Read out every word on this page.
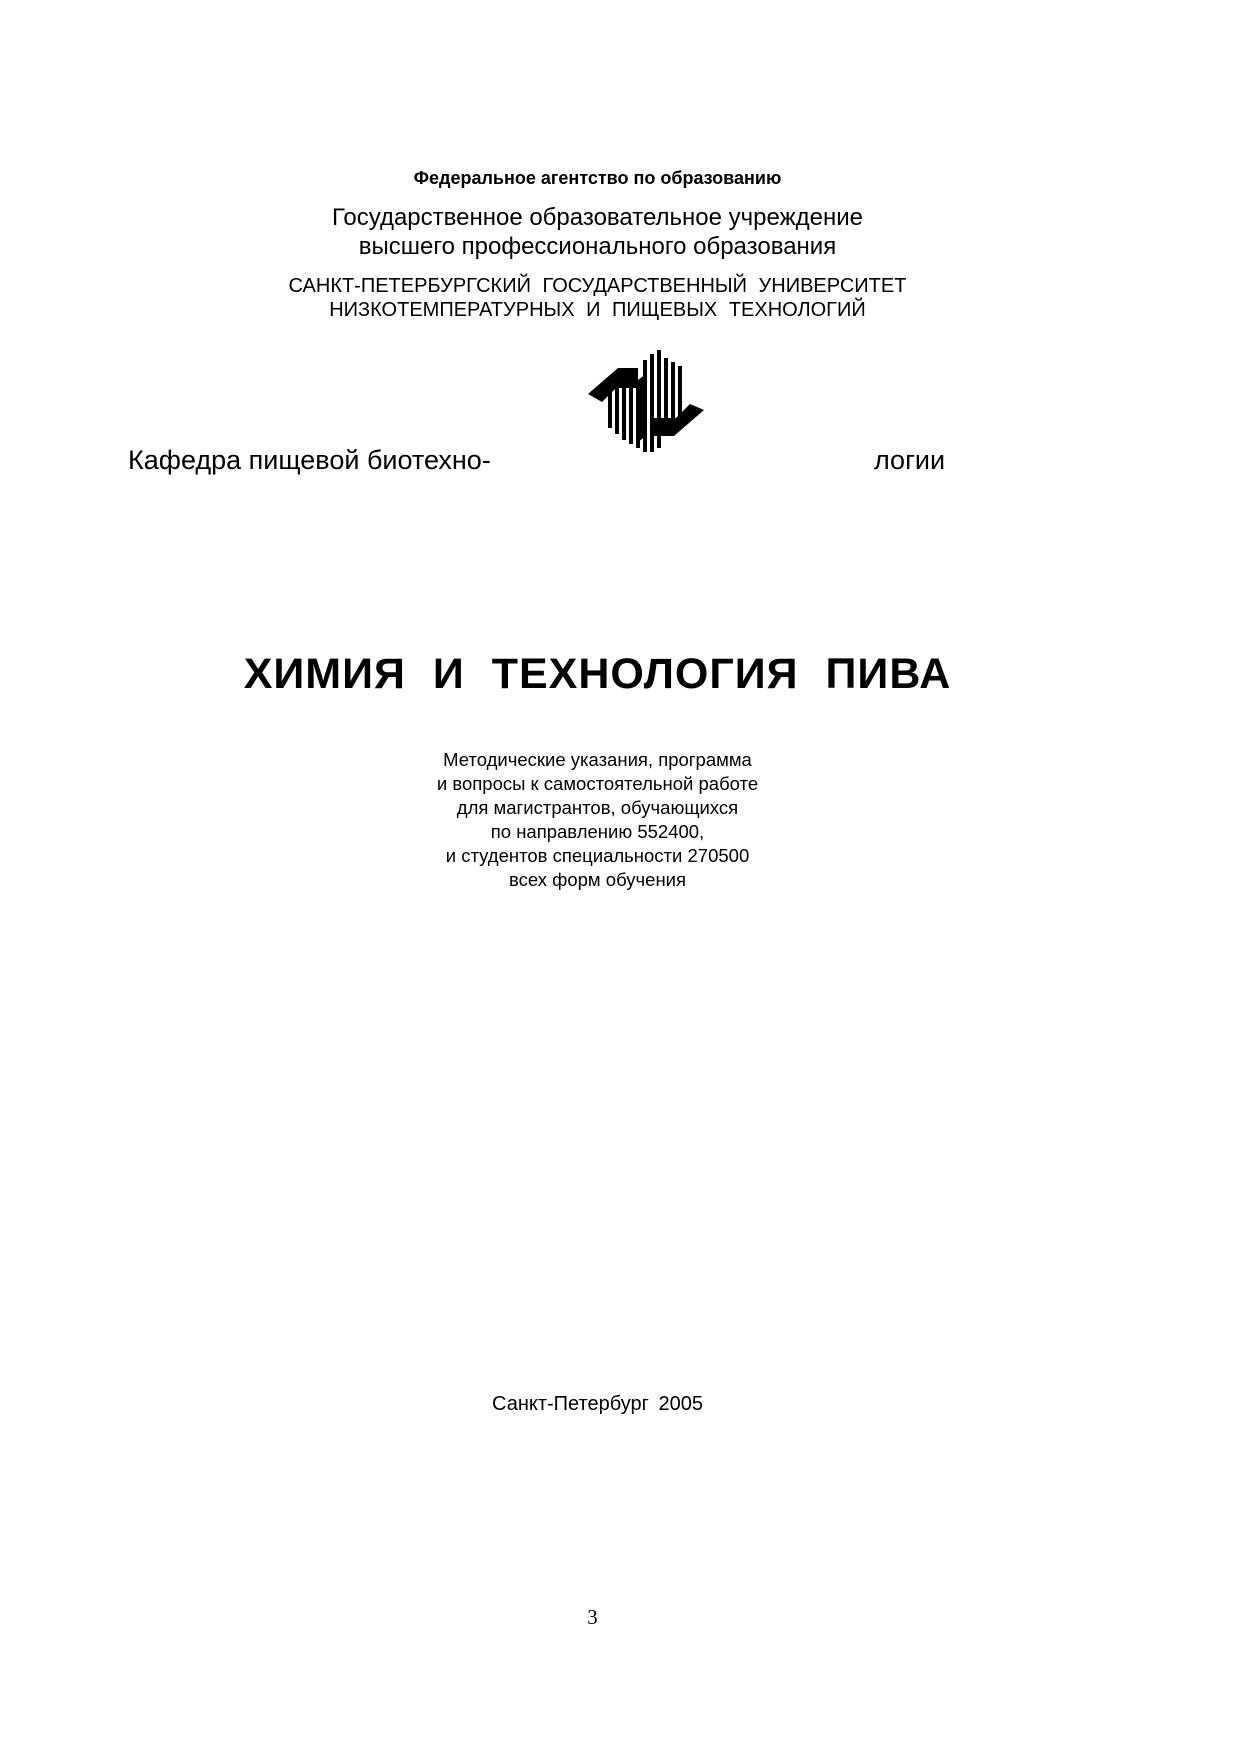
Федеральное агентство по образованию
Государственное образовательное учреждение
высшего профессионального образования
САНКТ-ПЕТЕРБУРГСКИЙ ГОСУДАРСТВЕННЫЙ УНИВЕРСИТЕТ
НИЗКОТЕМПЕРАТУРНЫХ И ПИЩЕВЫХ ТЕХНОЛОГИЙ
Кафедра пищевой биотехно-	логии
ХИМИЯ И ТЕХНОЛОГИЯ ПИВА
Методические указания, программа
и вопросы к самостоятельной работе
для магистрантов, обучающихся
по направлению 552400,
и студентов специальности 270500
всех форм обучения
Санкт-Петербург 2005
3
